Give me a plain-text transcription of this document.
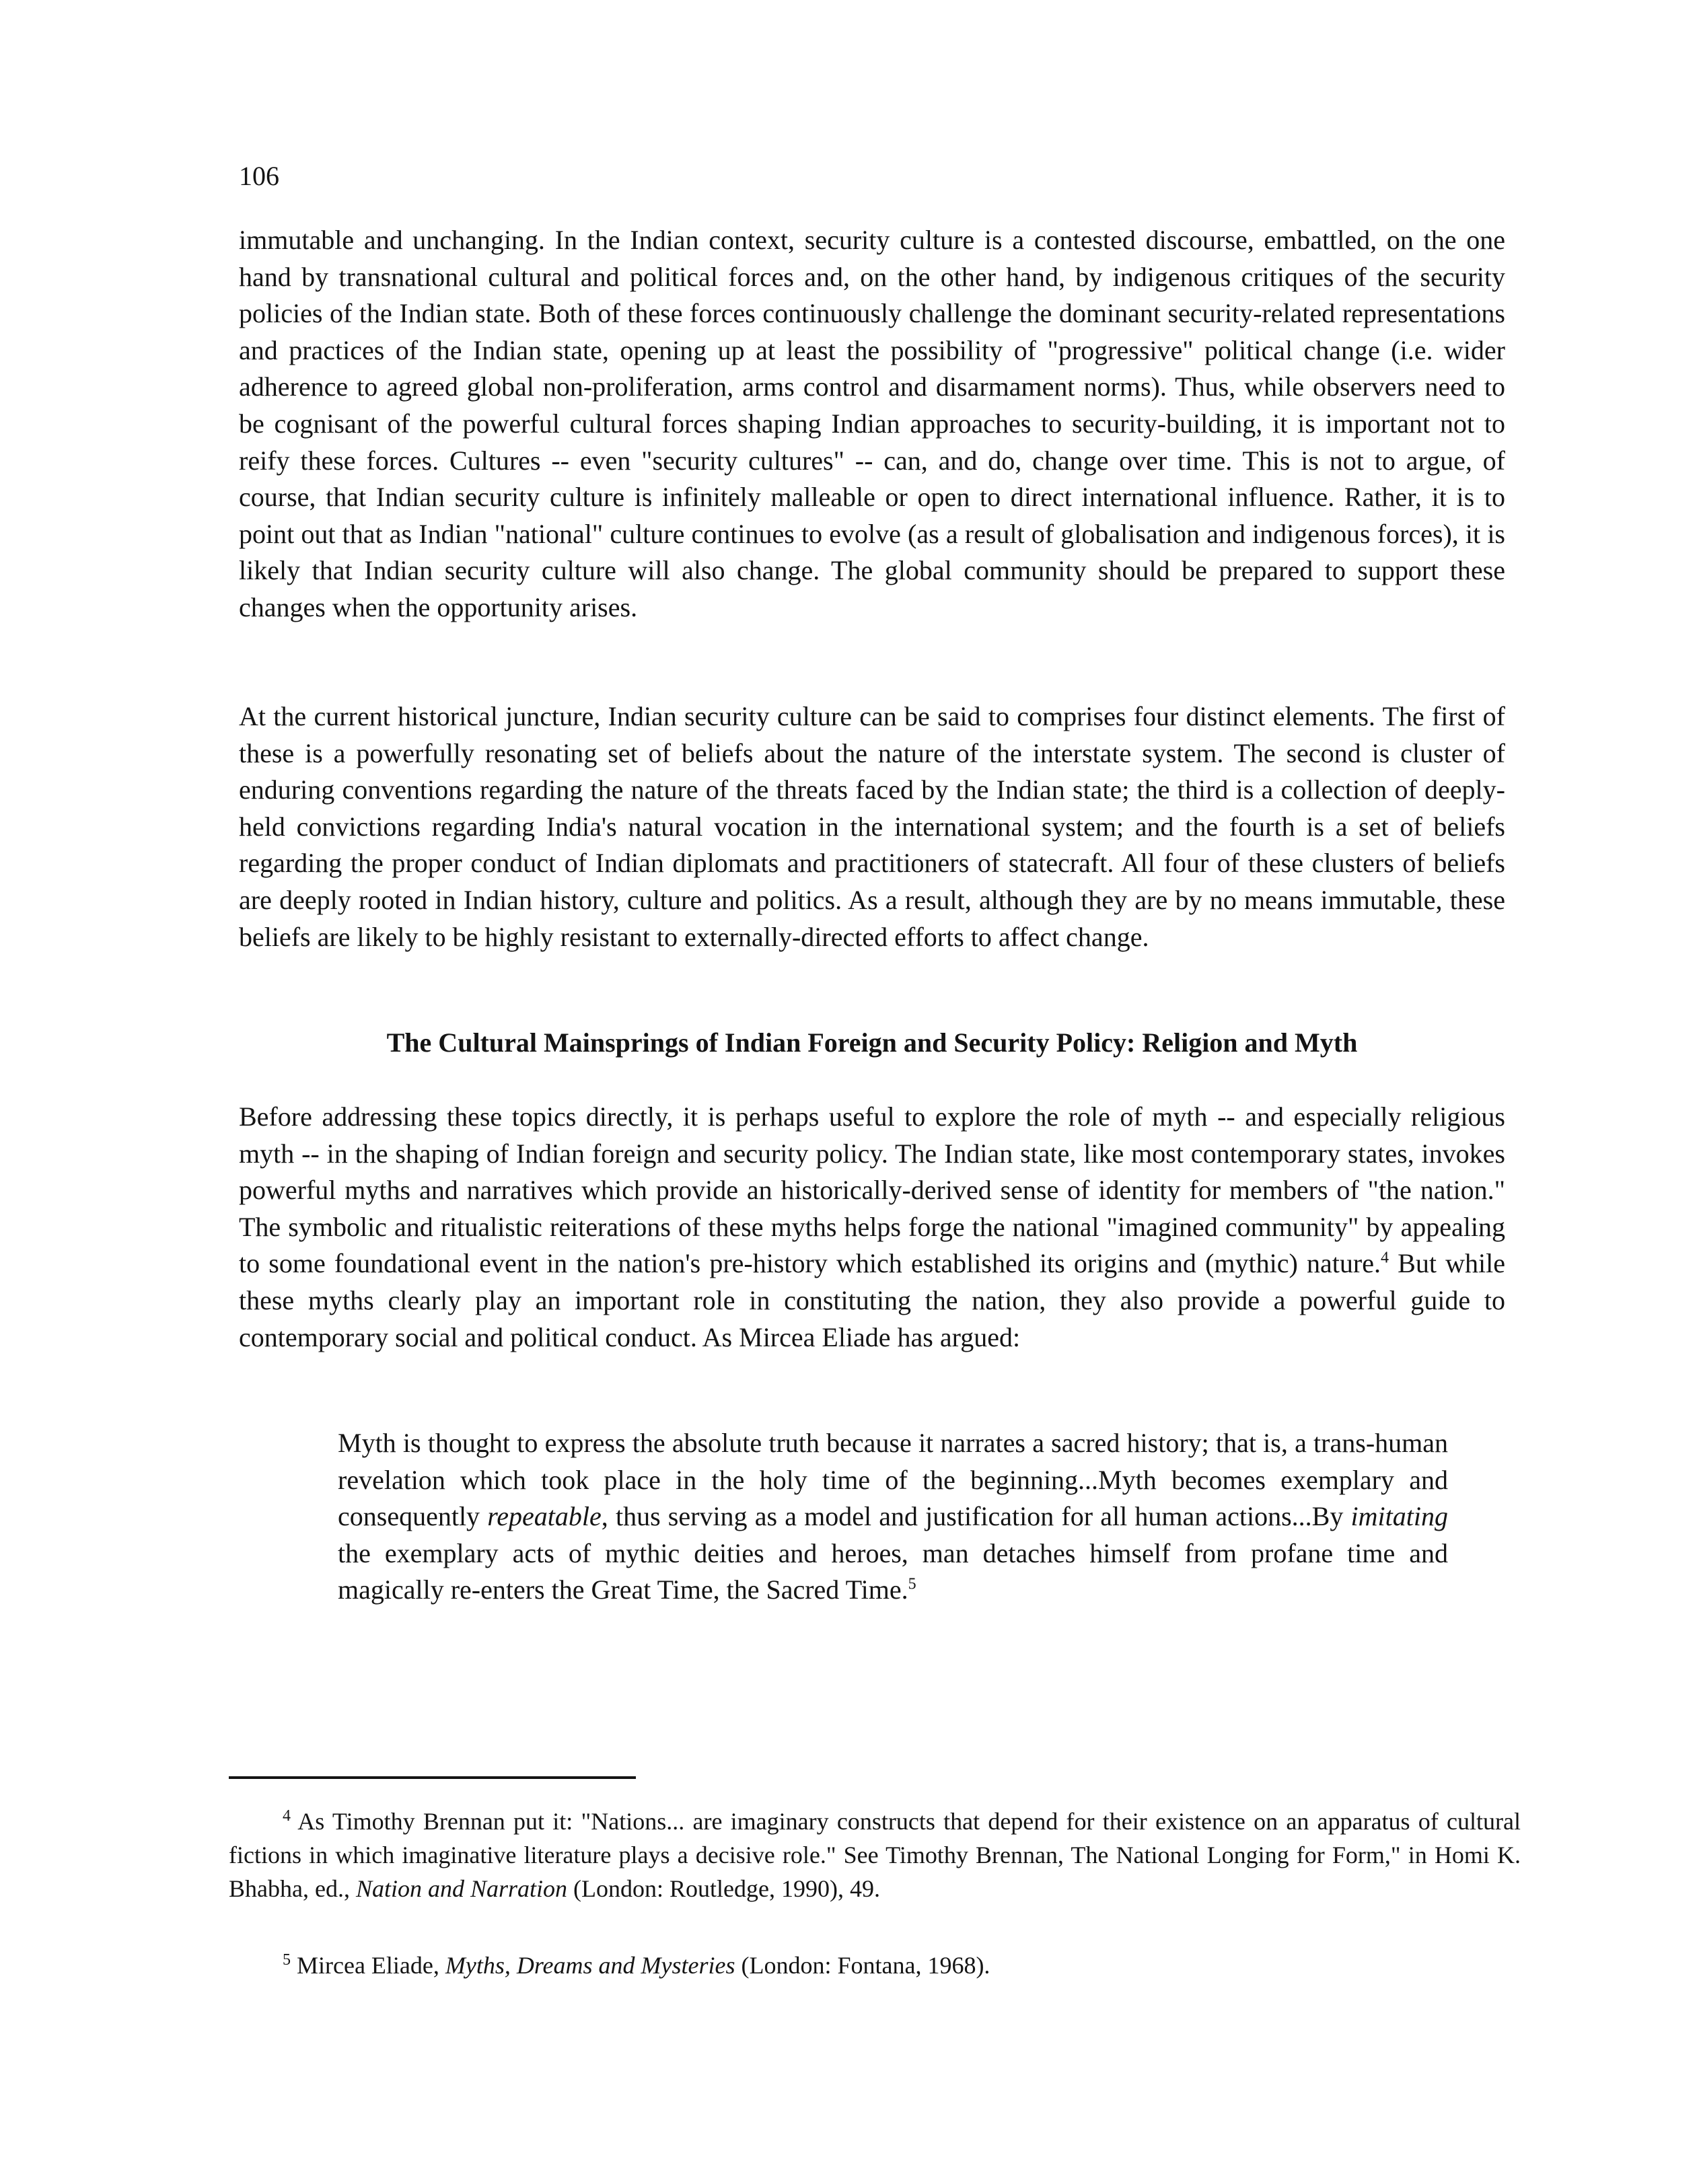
106

immutable and unchanging. In the Indian context, security culture is a contested discourse, embattled, on the one hand by transnational cultural and political forces and, on the other hand, by indigenous critiques of the security policies of the Indian state. Both of these forces continuously challenge the dominant security-related representations and practices of the Indian state, opening up at least the possibility of "progressive" political change (i.e. wider adherence to agreed global non-proliferation, arms control and disarmament norms). Thus, while observers need to be cognisant of the powerful cultural forces shaping Indian approaches to security-building, it is important not to reify these forces. Cultures -- even "security cultures" -- can, and do, change over time. This is not to argue, of course, that Indian security culture is infinitely malleable or open to direct international influence. Rather, it is to point out that as Indian "national" culture continues to evolve (as a result of globalisation and indigenous forces), it is likely that Indian security culture will also change. The global community should be prepared to support these changes when the opportunity arises.

At the current historical juncture, Indian security culture can be said to comprises four distinct elements. The first of these is a powerfully resonating set of beliefs about the nature of the interstate system. The second is cluster of enduring conventions regarding the nature of the threats faced by the Indian state; the third is a collection of deeply-held convictions regarding India's natural vocation in the international system; and the fourth is a set of beliefs regarding the proper conduct of Indian diplomats and practitioners of statecraft. All four of these clusters of beliefs are deeply rooted in Indian history, culture and politics. As a result, although they are by no means immutable, these beliefs are likely to be highly resistant to externally-directed efforts to affect change.

The Cultural Mainsprings of Indian Foreign and Security Policy: Religion and Myth

Before addressing these topics directly, it is perhaps useful to explore the role of myth -- and especially religious myth -- in the shaping of Indian foreign and security policy. The Indian state, like most contemporary states, invokes powerful myths and narratives which provide an historically-derived sense of identity for members of "the nation." The symbolic and ritualistic reiterations of these myths helps forge the national "imagined community" by appealing to some foundational event in the nation's pre-history which established its origins and (mythic) nature.$^4$ But while these myths clearly play an important role in constituting the nation, they also provide a powerful guide to contemporary social and political conduct. As Mircea Eliade has argued:

Myth is thought to express the absolute truth because it narrates a sacred history; that is, a trans-human revelation which took place in the holy time of the beginning...Myth becomes exemplary and consequently repeatable, thus serving as a model and justification for all human actions...By imitating the exemplary acts of mythic deities and heroes, man detaches himself from profane time and magically re-enters the Great Time, the Sacred Time.$^5$

$^4$ As Timothy Brennan put it: "Nations... are imaginary constructs that depend for their existence on an apparatus of cultural fictions in which imaginative literature plays a decisive role." See Timothy Brennan, The National Longing for Form," in Homi K. Bhabha, ed., Nation and Narration (London: Routledge, 1990), 49.

$^5$ Mircea Eliade, Myths, Dreams and Mysteries (London: Fontana, 1968).
